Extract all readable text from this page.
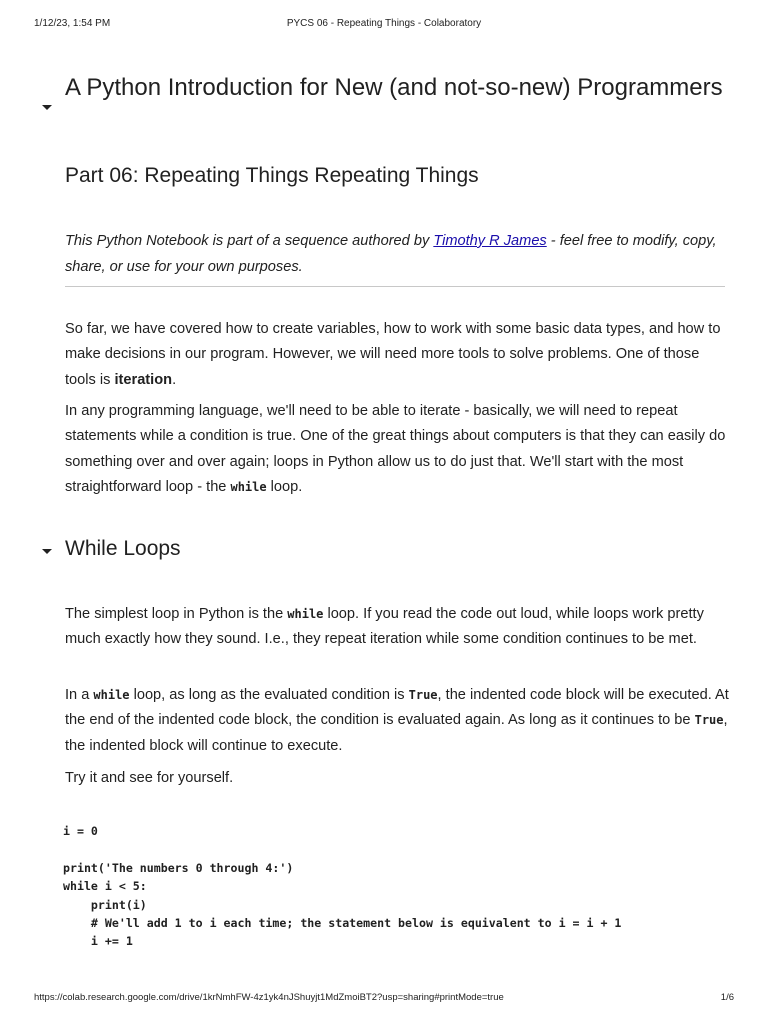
1/12/23, 1:54 PM	PYCS 06 - Repeating Things - Colaboratory
A Python Introduction for New (and not-so-new) Programmers
Part 06: Repeating Things Repeating Things

This Python Notebook is part of a sequence authored by Timothy R James - feel free to modify, copy, share, or use for your own purposes.

So far, we have covered how to create variables, how to work with some basic data types, and how to make decisions in our program. However, we will need more tools to solve problems. One of those tools is iteration.

In any programming language, we'll need to be able to iterate - basically, we will need to repeat statements while a condition is true. One of the great things about computers is that they can easily do something over and over again; loops in Python allow us to do just that. We'll start with the most straightforward loop - the while loop.

While Loops

The simplest loop in Python is the while loop. If you read the code out loud, while loops work pretty much exactly how they sound. I.e., they repeat iteration while some condition continues to be met.

In a while loop, as long as the evaluated condition is True, the indented code block will be executed. At the end of the indented code block, the condition is evaluated again. As long as it continues to be True, the indented block will continue to execute.

Try it and see for yourself.

i = 0

print('The numbers 0 through 4:')
while i < 5:
print(i)
# We'll add 1 to i each time; the statement below is equivalent to i = i + 1
i += 1
https://colab.research.google.com/drive/1krNmhFW-4z1yk4nJShuyjt1MdZmoiBT2?usp=sharing#printMode=true	1/6
